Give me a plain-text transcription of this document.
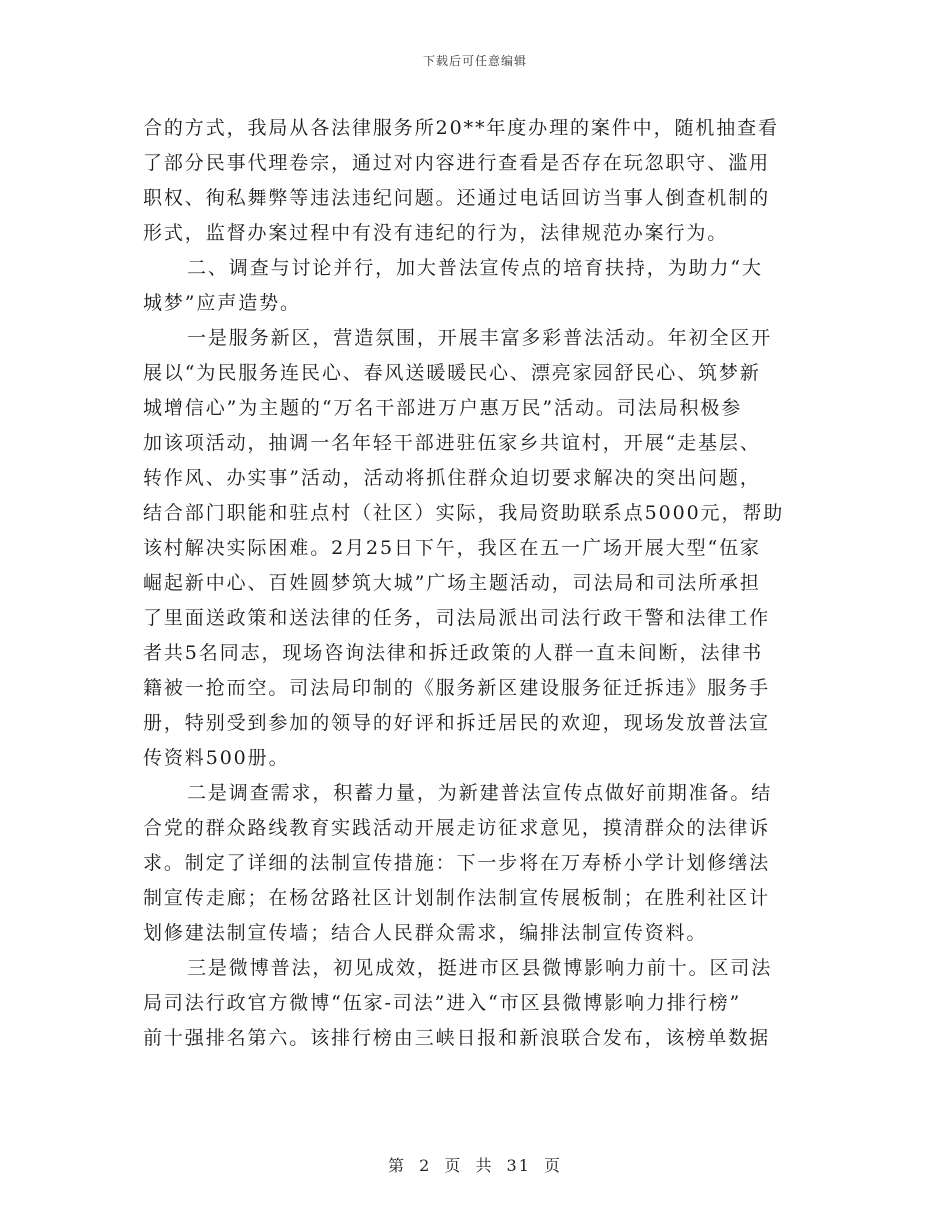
下载后可任意编辑
合的方式，我局从各法律服务所20**年度办理的案件中，随机抽查看
了部分民事代理卷宗，通过对内容进行查看是否存在玩忽职守、滥用
职权、徇私舞弊等违法违纪问题。还通过电话回访当事人倒查机制的
形式，监督办案过程中有没有违纪的行为，法律规范办案行为。
二、调查与讨论并行，加大普法宣传点的培育扶持，为助力“大
城梦”应声造势。
一是服务新区，营造氛围，开展丰富多彩普法活动。年初全区开
展以“为民服务连民心、春风送暖暖民心、漂亮家园舒民心、筑梦新
城增信心”为主题的“万名干部进万户惠万民”活动。司法局积极参
加该项活动，抽调一名年轻干部进驻伍家乡共谊村，开展“走基层、
转作风、办实事”活动，活动将抓住群众迫切要求解决的突出问题，
结合部门职能和驻点村（社区）实际，我局资助联系点5000元，帮助
该村解决实际困难。2月25日下午，我区在五一广场开展大型“伍家
崛起新中心、百姓圆梦筑大城”广场主题活动，司法局和司法所承担
了里面送政策和送法律的任务，司法局派出司法行政干警和法律工作
者共5名同志，现场咨询法律和拆迁政策的人群一直未间断，法律书
籍被一抢而空。司法局印制的《服务新区建设服务征迁拆违》服务手
册，特别受到参加的领导的好评和拆迁居民的欢迎，现场发放普法宣
传资料500册。
二是调查需求，积蓄力量，为新建普法宣传点做好前期准备。结
合党的群众路线教育实践活动开展走访征求意见，摸清群众的法律诉
求。制定了详细的法制宣传措施：下一步将在万寿桥小学计划修缮法
制宣传走廊；在杨岔路社区计划制作法制宣传展板制；在胜利社区计
划修建法制宣传墙；结合人民群众需求，编排法制宣传资料。
三是微博普法，初见成效，挺进市区县微博影响力前十。区司法
局司法行政官方微博“伍家-司法”进入“市区县微博影响力排行榜”
前十强排名第六。该排行榜由三峡日报和新浪联合发布，该榜单数据
第 2 页 共 31 页
